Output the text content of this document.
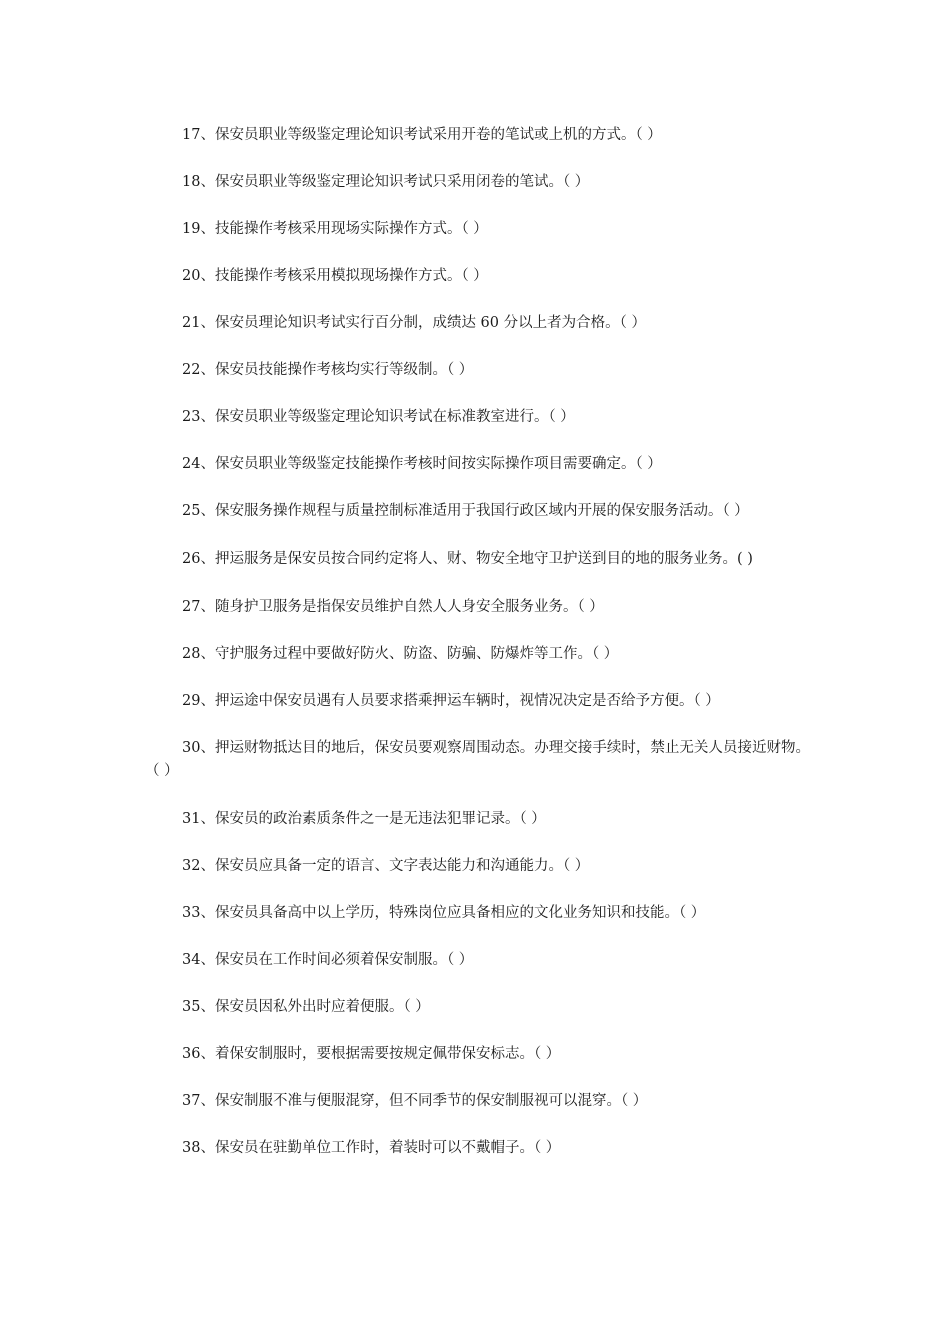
17、保安员职业等级鉴定理论知识考试采用开卷的笔试或上机的方式。（ ）
18、保安员职业等级鉴定理论知识考试只采用闭卷的笔试。（ ）
19、技能操作考核采用现场实际操作方式。（ ）
20、技能操作考核采用模拟现场操作方式。（ ）
21、保安员理论知识考试实行百分制，成绩达 60 分以上者为合格。（ ）
22、保安员技能操作考核均实行等级制。（ ）
23、保安员职业等级鉴定理论知识考试在标准教室进行。（ ）
24、保安员职业等级鉴定技能操作考核时间按实际操作项目需要确定。（ ）
25、保安服务操作规程与质量控制标准适用于我国行政区域内开展的保安服务活动。（ ）
26、押运服务是保安员按合同约定将人、财、物安全地守卫护送到目的地的服务业务。( )
27、随身护卫服务是指保安员维护自然人人身安全服务业务。（ ）
28、守护服务过程中要做好防火、防盗、防骗、防爆炸等工作。（ ）
29、押运途中保安员遇有人员要求搭乘押运车辆时，视情况决定是否给予方便。（ ）
30、押运财物抵达目的地后，保安员要观察周围动态。办理交接手续时，禁止无关人员接近财物。（ ）
31、保安员的政治素质条件之一是无违法犯罪记录。（ ）
32、保安员应具备一定的语言、文字表达能力和沟通能力。（ ）
33、保安员具备高中以上学历，特殊岗位应具备相应的文化业务知识和技能。（ ）
34、保安员在工作时间必须着保安制服。（ ）
35、保安员因私外出时应着便服。（ ）
36、着保安制服时，要根据需要按规定佩带保安标志。（ ）
37、保安制服不准与便服混穿，但不同季节的保安制服视可以混穿。（ ）
38、保安员在驻勤单位工作时，着装时可以不戴帽子。（ ）
